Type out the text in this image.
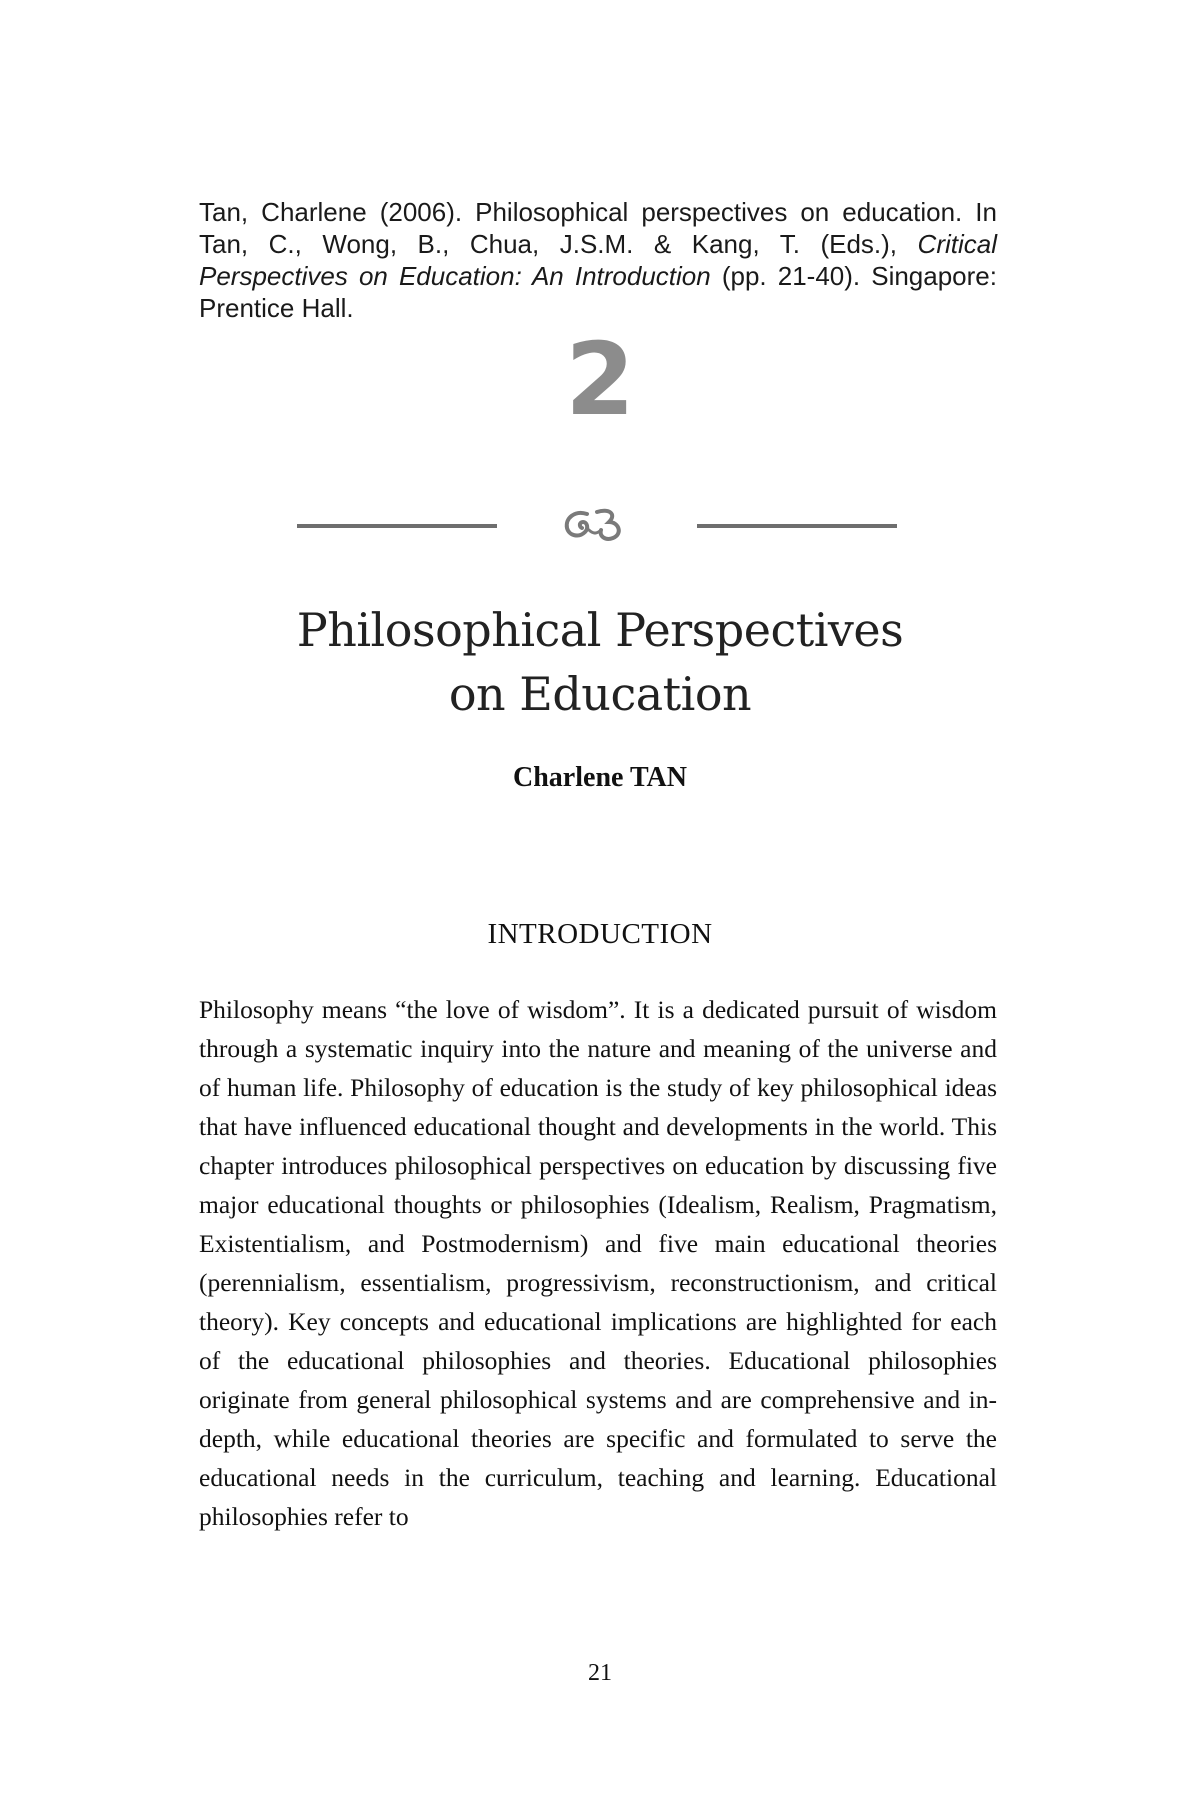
Tan, Charlene (2006). Philosophical perspectives on education. In Tan, C., Wong, B., Chua, J.S.M. & Kang, T. (Eds.), Critical Perspectives on Education: An Introduction (pp. 21-40). Singapore: Prentice Hall.
2
Philosophical Perspectives
on Education
Charlene TAN
INTRODUCTION
Philosophy means “the love of wisdom”. It is a dedicated pursuit of wisdom through a systematic inquiry into the nature and meaning of the universe and of human life. Philosophy of education is the study of key philosophical ideas that have influenced educational thought and developments in the world. This chapter introduces philosophical perspectives on education by discussing five major educational thoughts or philosophies (Idealism, Realism, Pragmatism, Existentialism, and Postmodernism) and five main educational theories (perennialism, essentialism, progressivism, reconstructionism, and critical theory). Key concepts and educational implications are highlighted for each of the educational philosophies and theories. Educational philosophies originate from general philosophical systems and are comprehensive and in-depth, while educational theories are specific and formulated to serve the educational needs in the curriculum, teaching and learning. Educational philosophies refer to
21
